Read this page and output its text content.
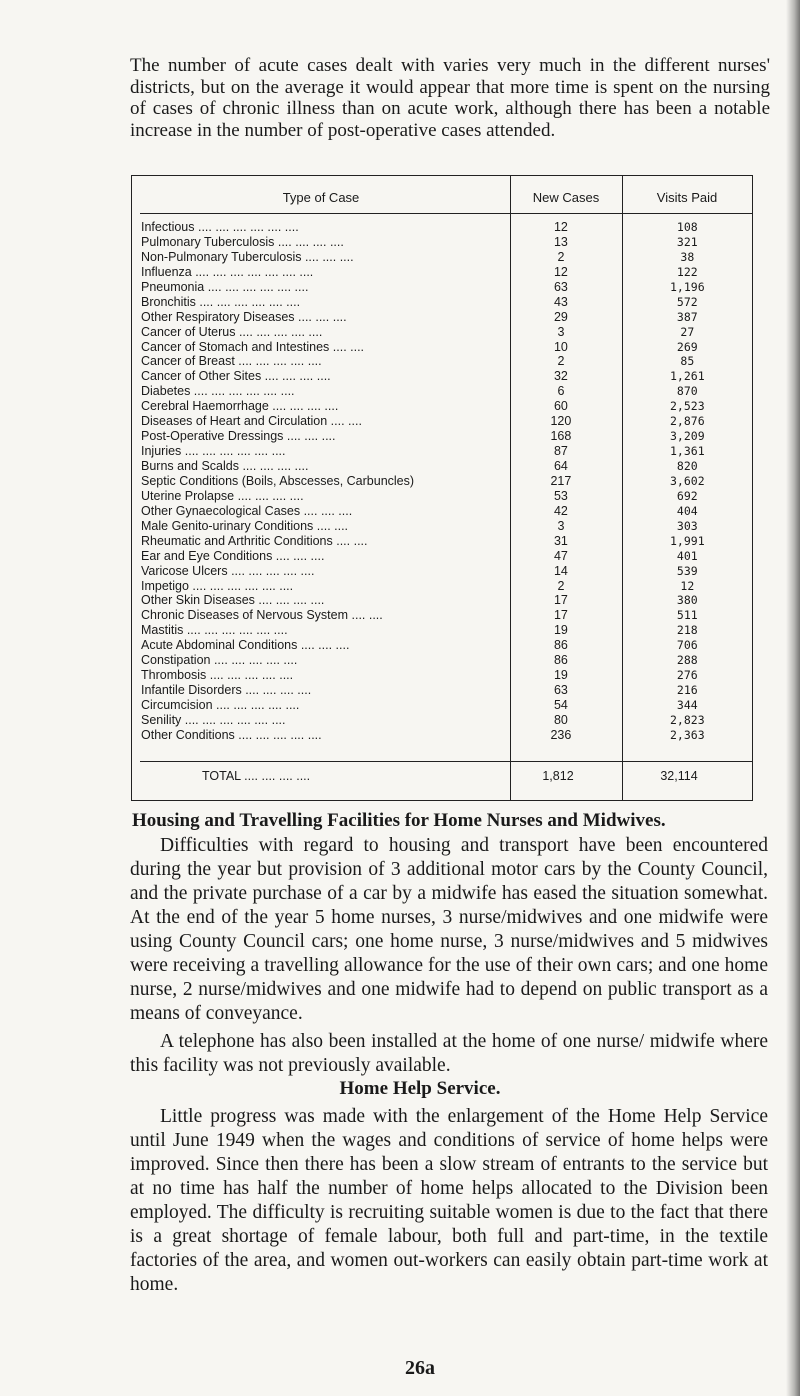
The number of acute cases dealt with varies very much in the different nurses' districts, but on the average it would appear that more time is spent on the nursing of cases of chronic illness than on acute work, although there has been a notable increase in the number of post-operative cases attended.

Type of Case	New Cases	Visits Paid
Infectious .... .... .... .... .... ....	12	108
Pulmonary Tuberculosis .... .... .... ....	13	321
Non-Pulmonary Tuberculosis .... .... ....	2	38
Influenza .... .... .... .... .... .... ....	12	122
Pneumonia .... .... .... .... .... ....	63	1,196
Bronchitis .... .... .... .... .... ....	43	572
Other Respiratory Diseases .... .... ....	29	387
Cancer of Uterus .... .... .... .... ....	3	27
Cancer of Stomach and Intestines .... ....	10	269
Cancer of Breast .... .... .... .... ....	2	85
Cancer of Other Sites .... .... .... ....	32	1,261
Diabetes .... .... .... .... .... ....	6	870
Cerebral Haemorrhage .... .... .... ....	60	2,523
Diseases of Heart and Circulation .... ....	120	2,876
Post-Operative Dressings .... .... ....	168	3,209
Injuries .... .... .... .... .... ....	87	1,361
Burns and Scalds .... .... .... ....	64	820
Septic Conditions (Boils, Abscesses, Carbuncles)	217	3,602
Uterine Prolapse .... .... .... ....	53	692
Other Gynaecological Cases .... .... ....	42	404
Male Genito-urinary Conditions .... ....	3	303
Rheumatic and Arthritic Conditions .... ....	31	1,991
Ear and Eye Conditions .... .... ....	47	401
Varicose Ulcers .... .... .... .... ....	14	539
Impetigo .... .... .... .... .... ....	2	12
Other Skin Diseases .... .... .... ....	17	380
Chronic Diseases of Nervous System .... ....	17	511
Mastitis .... .... .... .... .... ....	19	218
Acute Abdominal Conditions .... .... ....	86	706
Constipation .... .... .... .... ....	86	288
Thrombosis .... .... .... .... ....	19	276
Infantile Disorders .... .... .... ....	63	216
Circumcision .... .... .... .... ....	54	344
Senility .... .... .... .... .... ....	80	2,823
Other Conditions .... .... .... .... ....	236	2,363
TOTAL .... .... .... ....	1,812	32,114
Housing and Travelling Facilities for Home Nurses and Midwives.

Difficulties with regard to housing and transport have been encountered during the year but provision of 3 additional motor cars by the County Council, and the private purchase of a car by a midwife has eased the situation somewhat. At the end of the year 5 home nurses, 3 nurse/midwives and one midwife were using County Council cars; one home nurse, 3 nurse/midwives and 5 midwives were receiving a travelling allowance for the use of their own cars; and one home nurse, 2 nurse/midwives and one midwife had to depend on public transport as a means of conveyance.

A telephone has also been installed at the home of one nurse/ midwife where this facility was not previously available.

Home Help Service.

Little progress was made with the enlargement of the Home Help Service until June 1949 when the wages and conditions of service of home helps were improved. Since then there has been a slow stream of entrants to the service but at no time has half the number of home helps allocated to the Division been employed. The difficulty is recruiting suitable women is due to the fact that there is a great shortage of female labour, both full and part-time, in the textile factories of the area, and women out-workers can easily obtain part-time work at home.

26a
